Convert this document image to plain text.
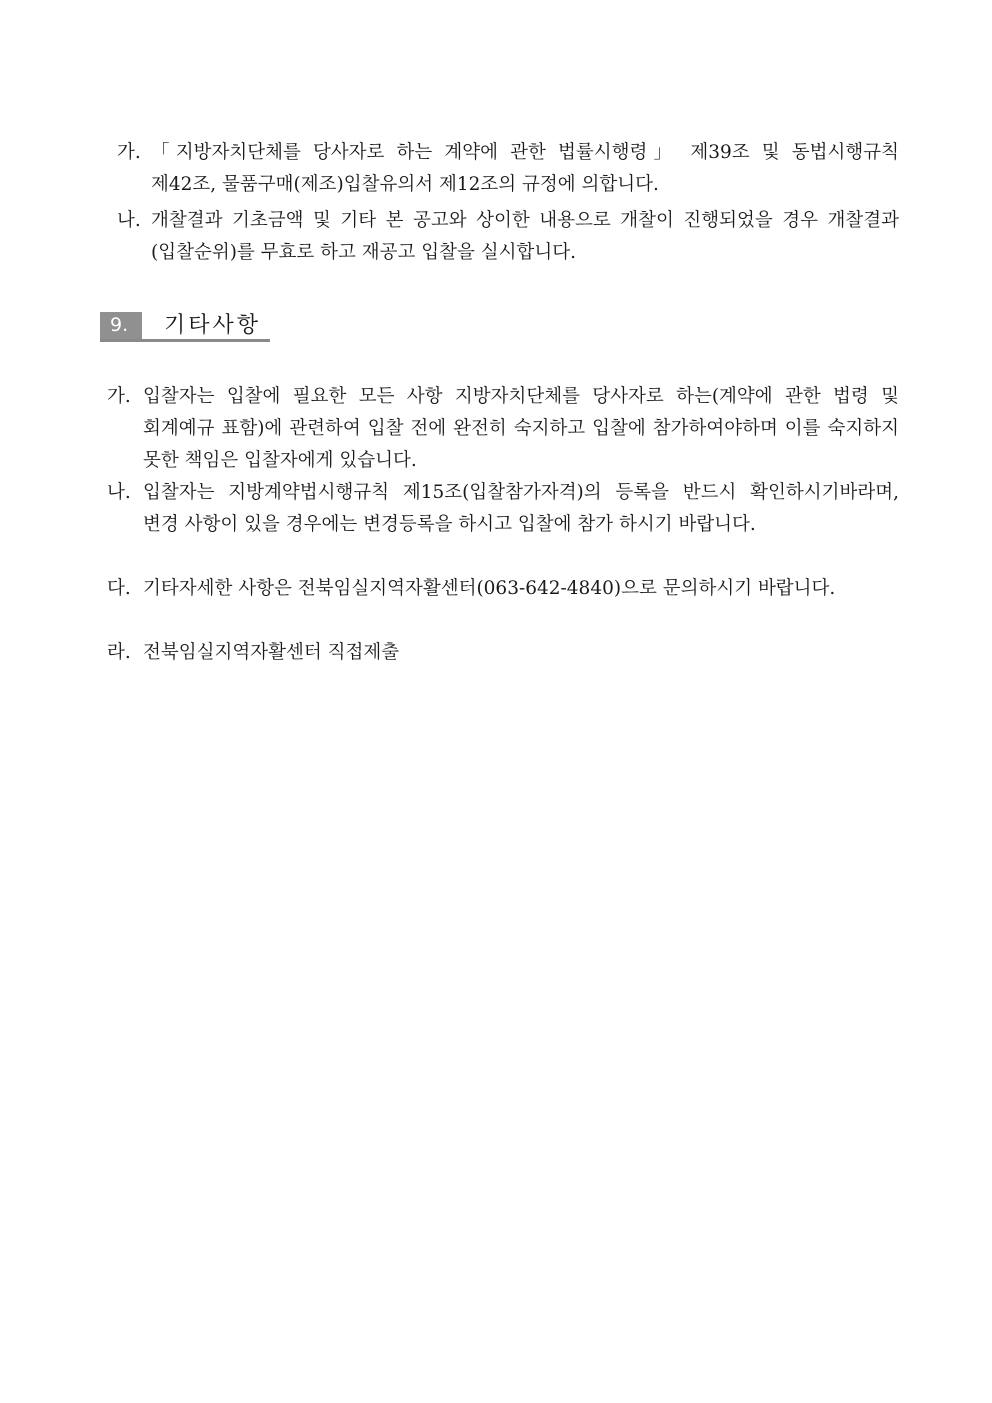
가. 「지방자치단체를 당사자로 하는 계약에 관한 법률시행령」 제39조 및 동법시행규칙 제42조, 물품구매(제조)입찰유의서 제12조의 규정에 의합니다.
나. 개찰결과 기초금액 및 기타 본 공고와 상이한 내용으로 개찰이 진행되었을 경우 개찰결과(입찰순위)를 무효로 하고 재공고 입찰을 실시합니다.
9.	기타사항
가. 입찰자는 입찰에 필요한 모든 사항 지방자치단체를 당사자로 하는(계약에 관한 법령 및 회계예규 표함)에 관련하여 입찰 전에 완전히 숙지하고 입찰에 참가하여야하며 이를 숙지하지 못한 책임은 입찰자에게 있습니다.
나. 입찰자는 지방계약법시행규칙 제15조(입찰참가자격)의 등록을 반드시 확인하시기바라며, 변경 사항이 있을 경우에는 변경등록을 하시고 입찰에 참가 하시기 바랍니다.
다. 기타자세한 사항은 전북임실지역자활센터(063-642-4840)으로 문의하시기 바랍니다.
라. 전북임실지역자활센터 직접제출
